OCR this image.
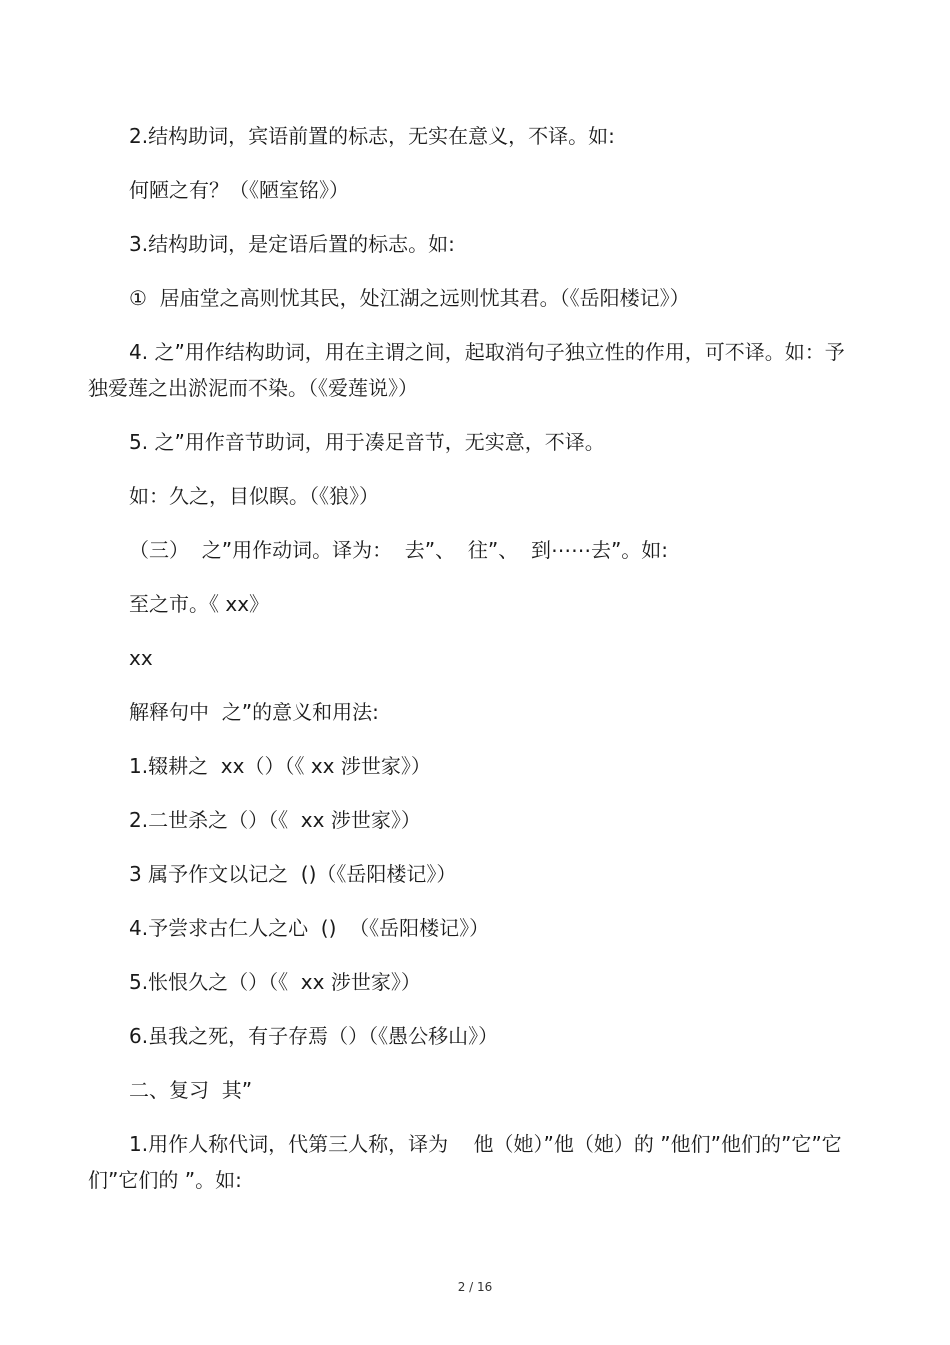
2.结构助词，宾语前置的标志，无实在意义，不译。如:

何陋之有？（《陋室铭》）

3.结构助词，是定语后置的标志。如:

①  居庙堂之高则忧其民，处江湖之远则忧其君。（《岳阳楼记》）

4. 之”用作结构助词，用在主谓之间，起取消句子独立性的作用，可不译。如：予独爱莲之出淤泥而不染。（《爱莲说》）

5. 之”用作音节助词，用于凑足音节，无实意，不译。

如：久之，目似瞑。（《狼》）

（三）  之”用作动词。译为：  去”、  往”、  到⋯⋯去”。如:

至之市。《 xx》

xx

解释句中  之”的意义和用法:

1.辍耕之  xx（）（《 xx 涉世家》）

2.二世杀之（）（《  xx 涉世家》）

3 属予作文以记之  ()（《岳阳楼记》）

4.予尝求古仁人之心  ()  （《岳阳楼记》）

5.怅恨久之（）（《  xx 涉世家》）

6.虽我之死，有子存焉（）（《愚公移山》）

二、复习  其”

1.用作人称代词，代第三人称，译为    他（她）”他（她）的 ”他们”他们的”它”它们”它们的 ”。如:

2 / 16
